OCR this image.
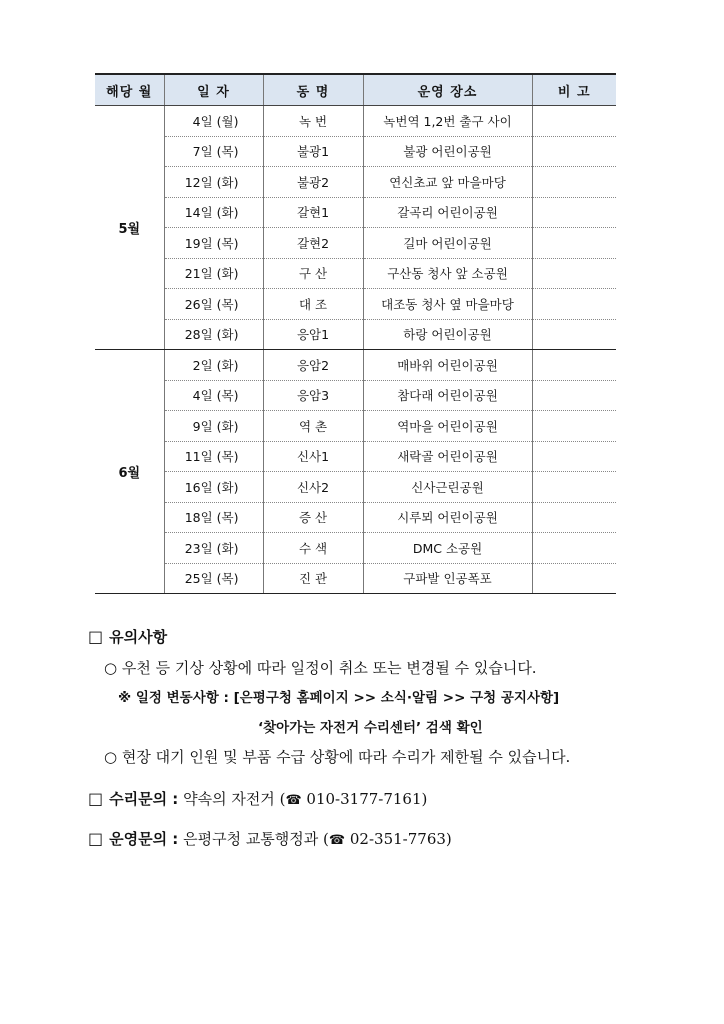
해당 월	일 자	동 명	운영 장소	비 고
5월	4일 (월)	녹 번	녹번역 1,2번 출구 사이	
	7일 (목)	불광1	불광 어린이공원	
	12일 (화)	불광2	연신초교 앞 마을마당	
	14일 (화)	갈현1	갈곡리 어린이공원	
	19일 (목)	갈현2	길마 어린이공원	
	21일 (화)	구 산	구산동 청사 앞 소공원	
	26일 (목)	대 조	대조동 청사 옆 마을마당	
	28일 (화)	응암1	하랑 어린이공원	
6월	2일 (화)	응암2	매바위 어린이공원	
	4일 (목)	응암3	참다래 어린이공원	
	9일 (화)	역 촌	역마을 어린이공원	
	11일 (목)	신사1	새락골 어린이공원	
	16일 (화)	신사2	신사근린공원	
	18일 (목)	증 산	시루뫼 어린이공원	
	23일 (화)	수 색	DMC 소공원	
	25일 (목)	진 관	구파발 인공폭포	
□ 유의사항
○ 우천 등 기상 상황에 따라 일정이 취소 또는 변경될 수 있습니다.
※ 일정 변동사항 : [은평구청 홈페이지 >> 소식·알림 >> 구청 공지사항]
‘찾아가는 자전거 수리센터’ 검색 확인
○ 현장 대기 인원 및 부품 수급 상황에 따라 수리가 제한될 수 있습니다.
□ 수리문의 : 약속의 자전거 (☎ 010-3177-7161)
□ 운영문의 : 은평구청 교통행정과 (☎ 02-351-7763)
